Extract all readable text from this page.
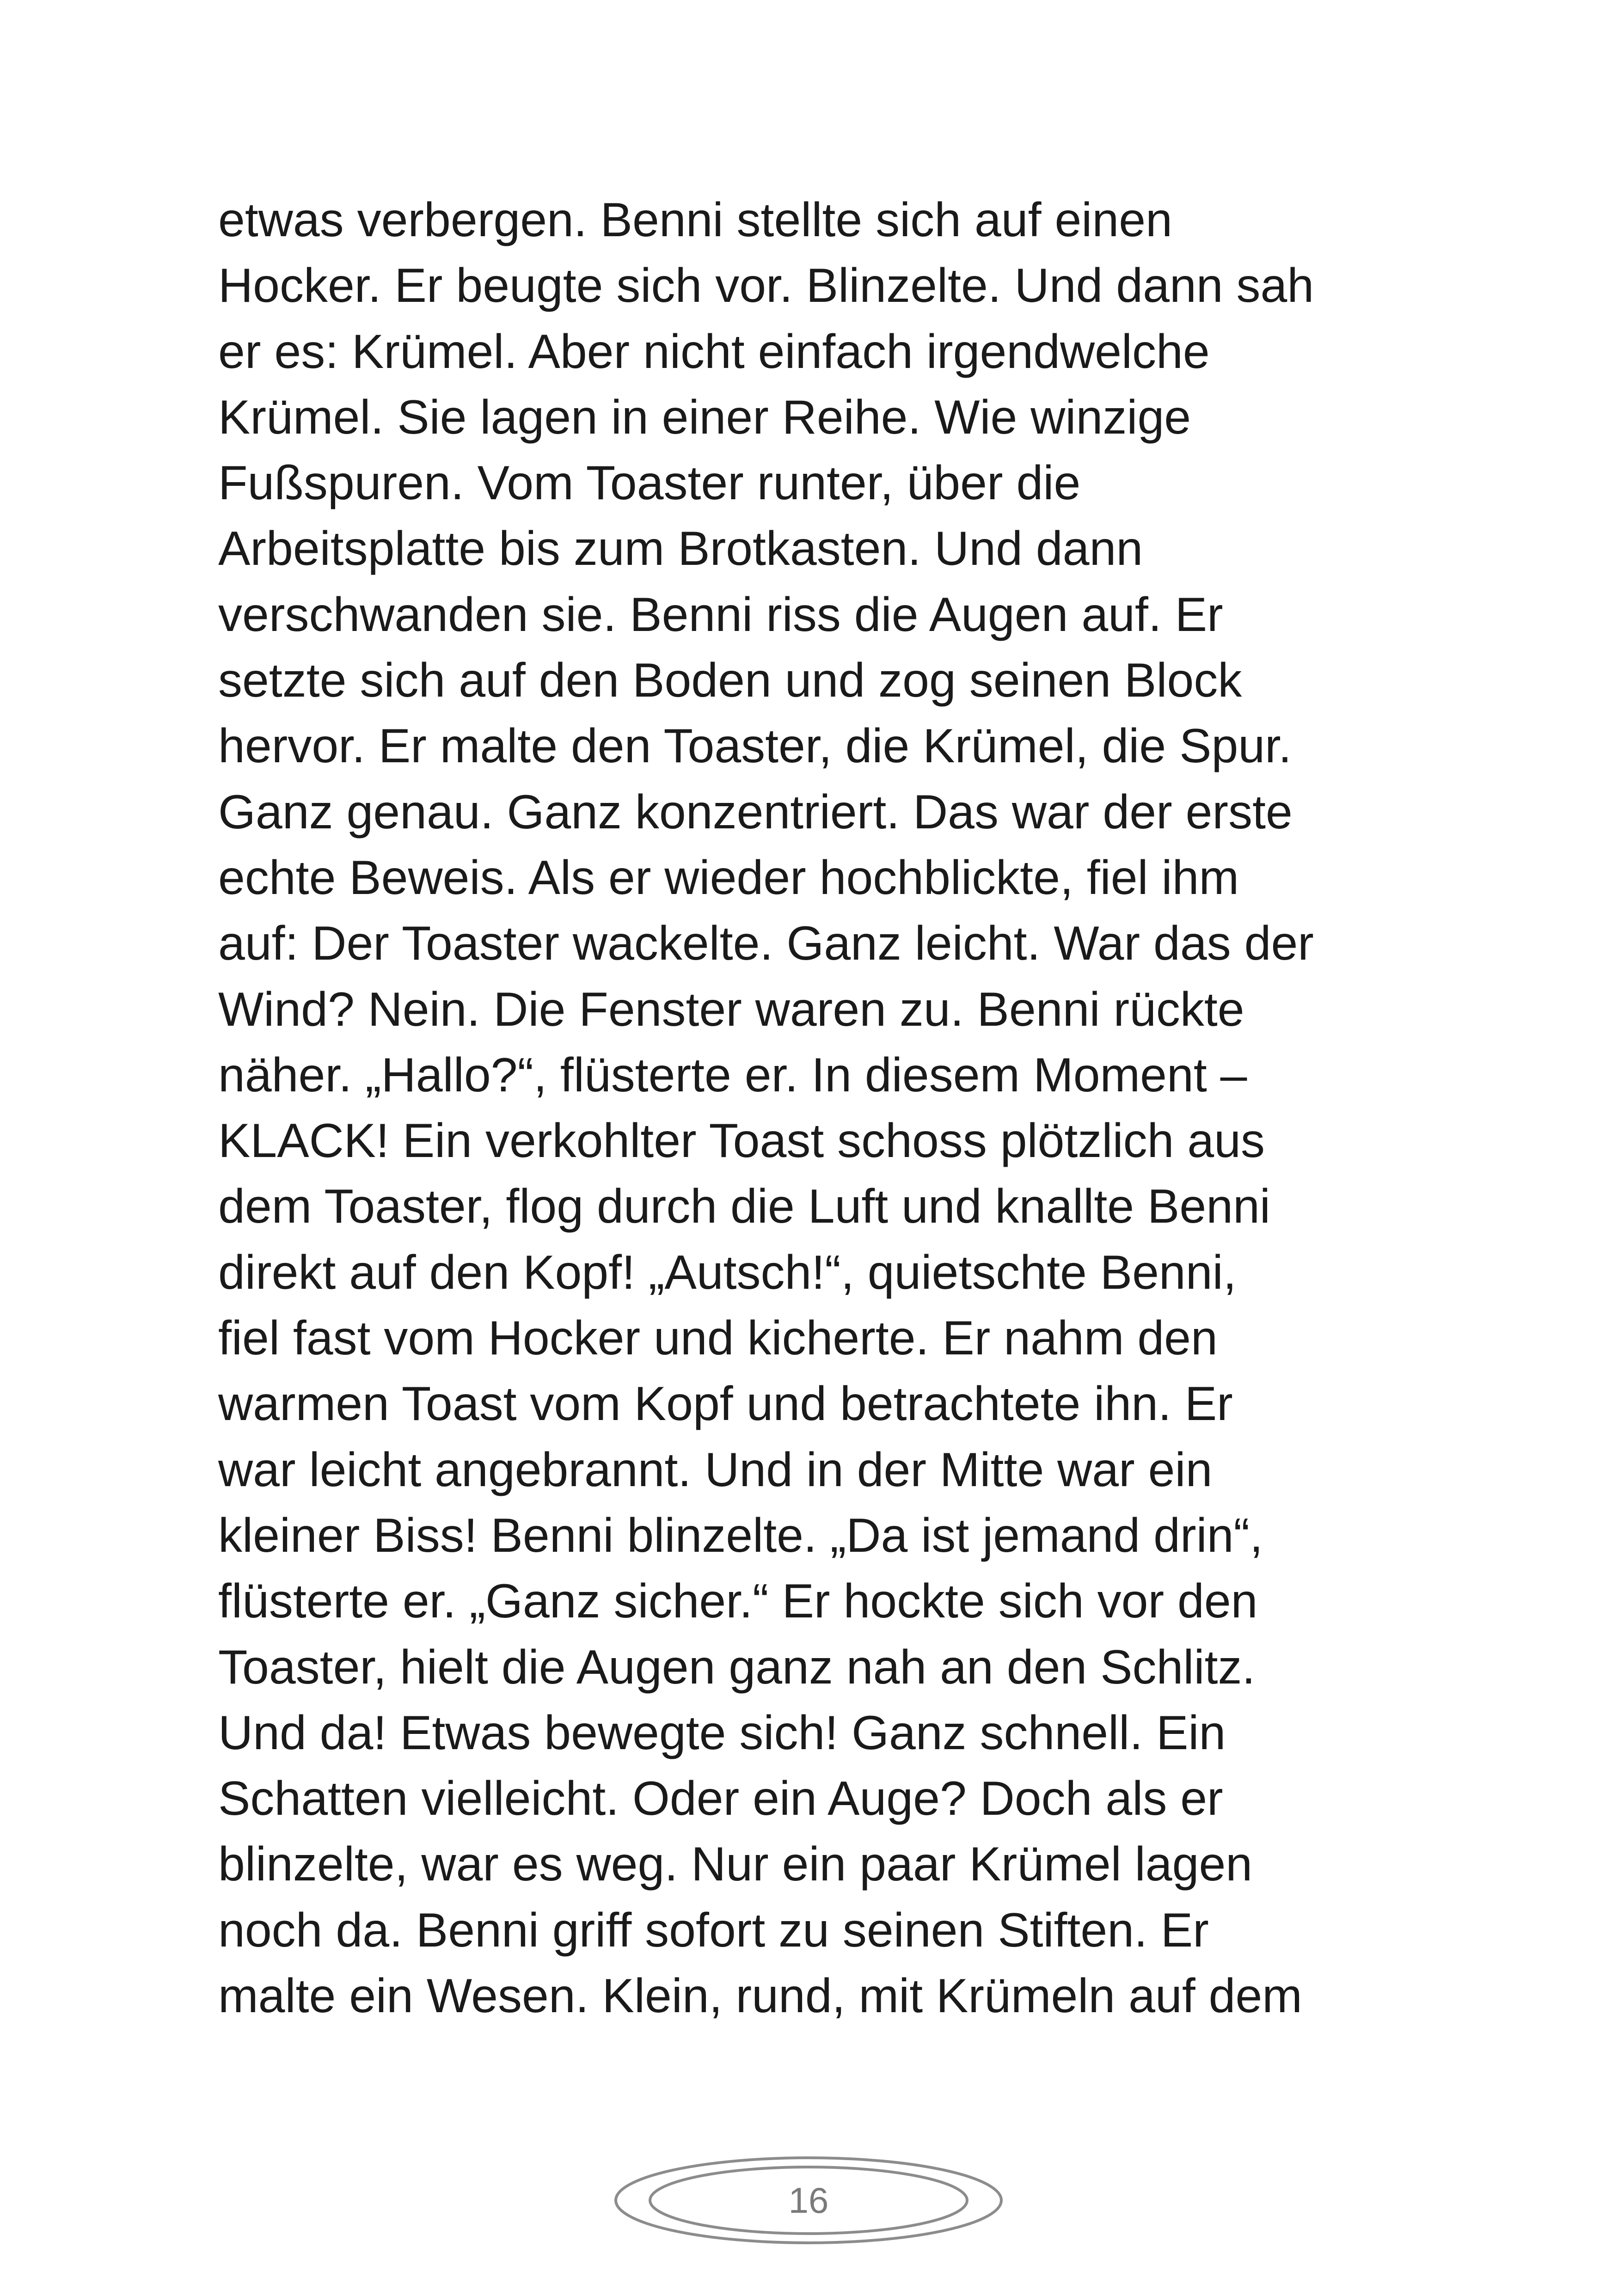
etwas verbergen. Benni stellte sich auf einen
Hocker. Er beugte sich vor. Blinzelte. Und dann sah
er es: Krümel. Aber nicht einfach irgendwelche
Krümel. Sie lagen in einer Reihe. Wie winzige
Fußspuren. Vom Toaster runter, über die
Arbeitsplatte bis zum Brotkasten. Und dann
verschwanden sie. Benni riss die Augen auf. Er
setzte sich auf den Boden und zog seinen Block
hervor. Er malte den Toaster, die Krümel, die Spur.
Ganz genau. Ganz konzentriert. Das war der erste
echte Beweis. Als er wieder hochblickte, fiel ihm
auf: Der Toaster wackelte. Ganz leicht. War das der
Wind? Nein. Die Fenster waren zu. Benni rückte
näher. „Hallo?“, flüsterte er. In diesem Moment –
KLACK! Ein verkohlter Toast schoss plötzlich aus
dem Toaster, flog durch die Luft und knallte Benni
direkt auf den Kopf! „Autsch!“, quietschte Benni,
fiel fast vom Hocker und kicherte. Er nahm den
warmen Toast vom Kopf und betrachtete ihn. Er
war leicht angebrannt. Und in der Mitte war ein
kleiner Biss! Benni blinzelte. „Da ist jemand drin“,
flüsterte er. „Ganz sicher.“ Er hockte sich vor den
Toaster, hielt die Augen ganz nah an den Schlitz.
Und da! Etwas bewegte sich! Ganz schnell. Ein
Schatten vielleicht. Oder ein Auge? Doch als er
blinzelte, war es weg. Nur ein paar Krümel lagen
noch da. Benni griff sofort zu seinen Stiften. Er
malte ein Wesen. Klein, rund, mit Krümeln auf dem
16
